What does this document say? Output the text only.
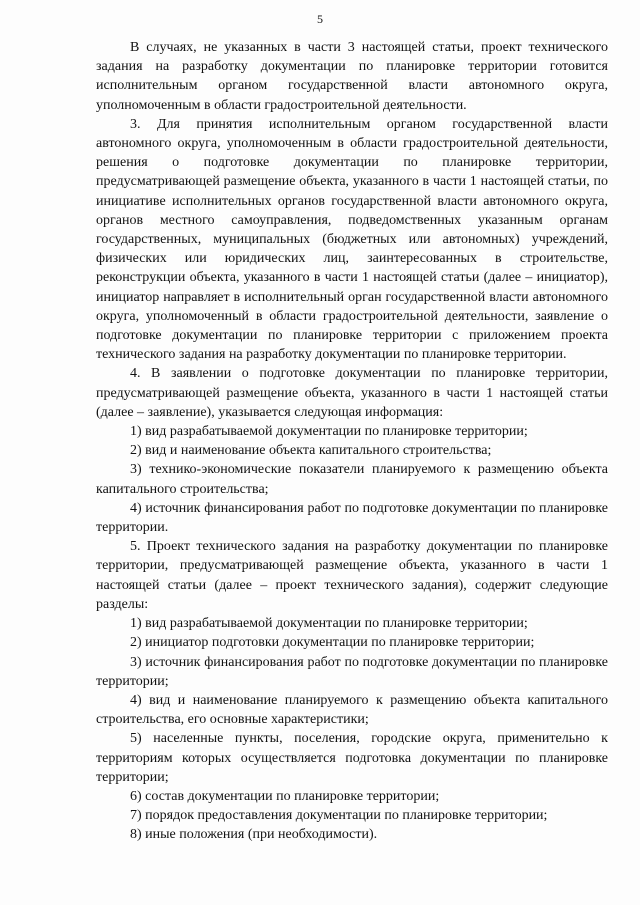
5

В случаях, не указанных в части 3 настоящей статьи, проект технического задания на разработку документации по планировке территории готовится исполнительным органом государственной власти автономного округа, уполномоченным в области градостроительной деятельности.

3. Для принятия исполнительным органом государственной власти автономного округа, уполномоченным в области градостроительной деятельности, решения о подготовке документации по планировке территории, предусматривающей размещение объекта, указанного в части 1 настоящей статьи, по инициативе исполнительных органов государственной власти автономного округа, органов местного самоуправления, подведомственных указанным органам государственных, муниципальных (бюджетных или автономных) учреждений, физических или юридических лиц, заинтересованных в строительстве, реконструкции объекта, указанного в части 1 настоящей статьи (далее – инициатор), инициатор направляет в исполнительный орган государственной власти автономного округа, уполномоченный в области градостроительной деятельности, заявление о подготовке документации по планировке территории с приложением проекта технического задания на разработку документации по планировке территории.

4. В заявлении о подготовке документации по планировке территории, предусматривающей размещение объекта, указанного в части 1 настоящей статьи (далее – заявление), указывается следующая информация:

1) вид разрабатываемой документации по планировке территории;

2) вид и наименование объекта капитального строительства;

3) технико-экономические показатели планируемого к размещению объекта капитального строительства;

4) источник финансирования работ по подготовке документации по планировке территории.

5. Проект технического задания на разработку документации по планировке территории, предусматривающей размещение объекта, указанного в части 1 настоящей статьи (далее – проект технического задания), содержит следующие разделы:

1) вид разрабатываемой документации по планировке территории;

2) инициатор подготовки документации по планировке территории;

3) источник финансирования работ по подготовке документации по планировке территории;

4) вид и наименование планируемого к размещению объекта капитального строительства, его основные характеристики;

5) населенные пункты, поселения, городские округа, применительно к территориям которых осуществляется подготовка документации по планировке территории;

6) состав документации по планировке территории;

7) порядок предоставления документации по планировке территории;

8) иные положения (при необходимости).
